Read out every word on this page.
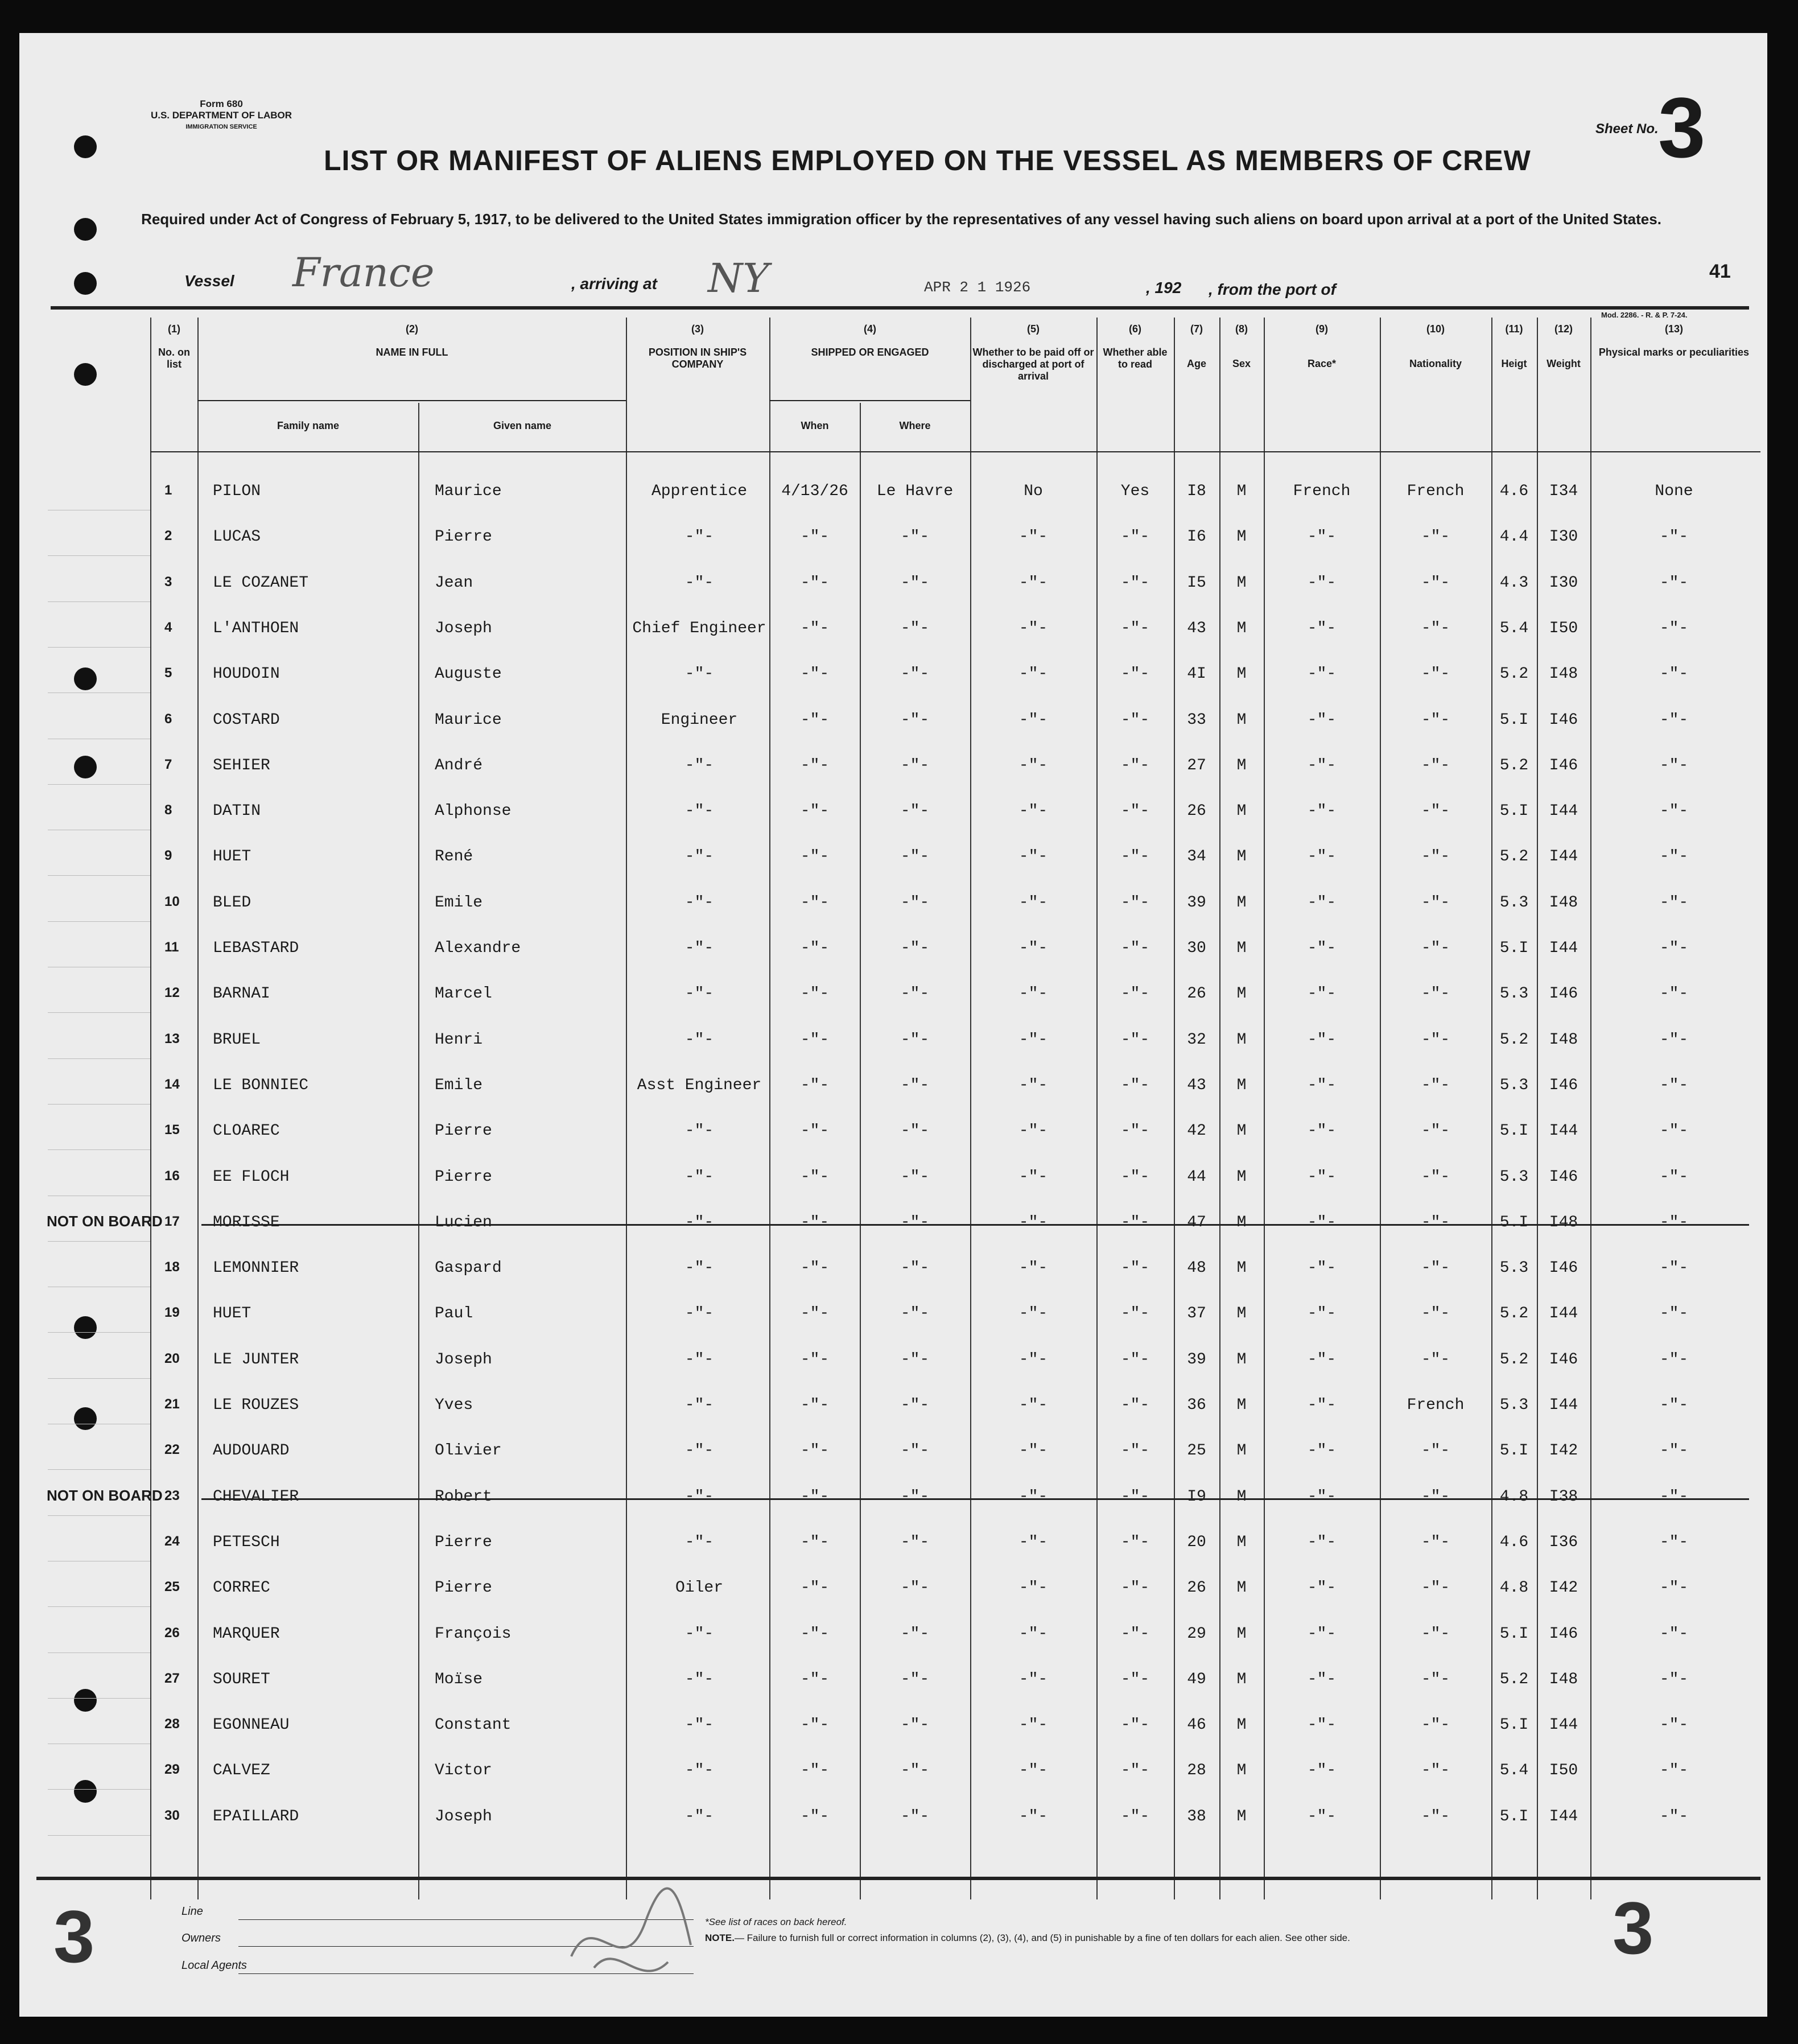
Form 680
U.S. DEPARTMENT OF LABOR
IMMIGRATION SERVICE	Sheet No. 3
LIST OR MANIFEST OF ALIENS EMPLOYED ON THE VESSEL AS MEMBERS OF CREW
Required under Act of Congress of February 5, 1917, to be delivered to the United States immigration officer by the representatives of any vessel having such aliens on board upon arrival at a port of the United States.
Vessel France	, arriving at NY	APR 2 1 1926	, 192 , from the port of
41
Mod. 2286. - R. & P. 7-24.
(1)
No. on list
(2)
NAME IN FULL
Family name	Given name
(3)
POSITION IN SHIP'S COMPANY
(4)
SHIPPED OR ENGAGED
When	Where
(5)
Whether to be paid off or discharged at port of arrival
(6)
Whether able to read
(7)
Age
(8)
Sex
(9)
Race*
(10)
Nationality
(11)
Heigt
(12)
Weight
(13)
Physical marks or peculiarities
1	PILON	Maurice	Apprentice	4/13/26	Le Havre	No	Yes	I8	M	French	French	4.6	I34	None
2	LUCAS	Pierre	-"-	-"-	-"-	-"-	-"-	I6	M	-"-	-"-	4.4	I30	-"-
3	LE COZANET	Jean	-"-	-"-	-"-	-"-	-"-	I5	M	-"-	-"-	4.3	I30	-"-
4	L'ANTHOEN	Joseph	Chief Engineer	-"-	-"-	-"-	-"-	43	M	-"-	-"-	5.4	I50	-"-
5	HOUDOIN	Auguste	-"-	-"-	-"-	-"-	-"-	4I	M	-"-	-"-	5.2	I48	-"-
6	COSTARD	Maurice	Engineer	-"-	-"-	-"-	-"-	33	M	-"-	-"-	5.I	I46	-"-
7	SEHIER	André	-"-	-"-	-"-	-"-	-"-	27	M	-"-	-"-	5.2	I46	-"-
8	DATIN	Alphonse	-"-	-"-	-"-	-"-	-"-	26	M	-"-	-"-	5.I	I44	-"-
9	HUET	René	-"-	-"-	-"-	-"-	-"-	34	M	-"-	-"-	5.2	I44	-"-
10 BLED	Emile	-"-	-"-	-"-	-"-	-"-	39	M	-"-	-"-	5.3	I48	-"-
11 LEBASTARD	Alexandre	-"-	-"-	-"-	-"-	-"-	30	M	-"-	-"-	5.I	I44	-"-
12 BARNAI	Marcel	-"-	-"-	-"-	-"-	-"-	26	M	-"-	-"-	5.3	I46	-"-
13 BRUEL	Henri	-"-	-"-	-"-	-"-	-"-	32	M	-"-	-"-	5.2	I48	-"-
14 LE BONNIEC	Emile	Asst Engineer	-"-	-"-	-"-	-"-	43	M	-"-	-"-	5.3	I46	-"-
15 CLOAREC	Pierre	-"-	-"-	-"-	-"-	-"-	42	M	-"-	-"-	5.I	I44	-"-
16 EE FLOCH	Pierre	-"-	-"-	-"-	-"-	-"-	44	M	-"-	-"-	5.3	I46	-"-
17 MORISSE	Lucien	-"-	-"-	-"-	-"-	-"-	47	M	-"-	-"-	5.I	I48	-"-
NOT ON BOARD
18 LEMONNIER	Gaspard	-"-	-"-	-"-	-"-	-"-	48	M	-"-	-"-	5.3	I46	-"-
19 HUET	Paul	-"-	-"-	-"-	-"-	-"-	37	M	-"-	-"-	5.2	I44	-"-
20 LE JUNTER	Joseph	-"-	-"-	-"-	-"-	-"-	39	M	-"-	-"-	5.2	I46	-"-
21 LE ROUZES	Yves	-"-	-"-	-"-	-"-	-"-	36	M	-"-	French	5.3	I44	-"-
22 AUDOUARD	Olivier	-"-	-"-	-"-	-"-	-"-	25	M	-"-	-"-	5.I	I42	-"-
23 CHEVALIER	Robert	-"-	-"-	-"-	-"-	-"-	I9	M	-"-	-"-	4.8	I38	-"-
NOT ON BOARD
24 PETESCH	Pierre	-"-	-"-	-"-	-"-	-"-	20	M	-"-	-"-	4.6	I36	-"-
25 CORREC	Pierre	Oiler	-"-	-"-	-"-	-"-	26	M	-"-	-"-	4.8	I42	-"-
26 MARQUER	François	-"-	-"-	-"-	-"-	-"-	29	M	-"-	-"-	5.I	I46	-"-
27 SOURET	Moïse	-"-	-"-	-"-	-"-	-"-	49	M	-"-	-"-	5.2	I48	-"-
28 EGONNEAU	Constant	-"-	-"-	-"-	-"-	-"-	46	M	-"-	-"-	5.I	I44	-"-
29 CALVEZ	Victor	-"-	-"-	-"-	-"-	-"-	28	M	-"-	-"-	5.4	I50	-"-
30 EPAILLARD	Joseph	-"-	-"-	-"-	-"-	-"-	38	M	-"-	-"-	5.I	I44	-"-
3	Line
Owners
Local Agents
*See list of races on back hereof.
NOTE.— Failure to furnish full or correct information in columns (2), (3), (4), and (5) in punishable by a fine of ten dollars for each alien. See other side.	3
